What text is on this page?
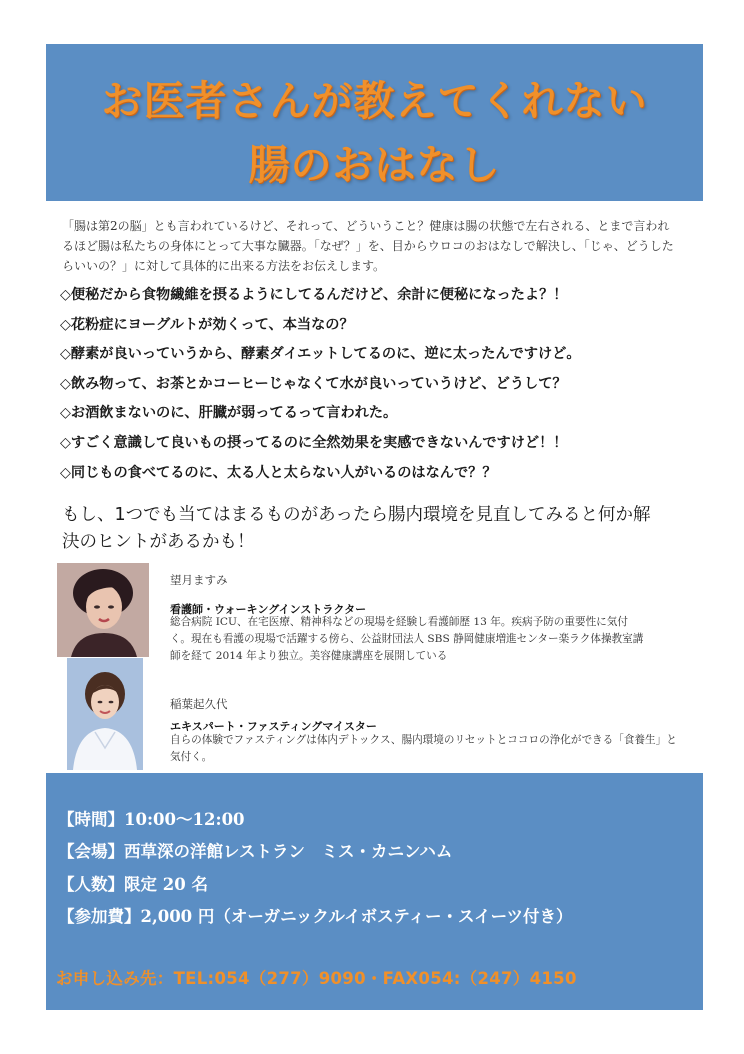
お医者さんが教えてくれない
腸のおはなし
「腸は第2の脳」とも言われているけど、それって、どういうこと？健康は腸の状態で左右される、とまで言われ
るほど腸は私たちの身体にとって大事な臓器。「なぜ？」を、目からウロコのおはなしで解決し、「じゃ、どうした
らいいの？」に対して具体的に出来る方法をお伝えします。
◇便秘だから食物繊維を摂るようにしてるんだけど、余計に便秘になったよ？！
◇花粉症にヨーグルトが効くって、本当なの？
◇酵素が良いっていうから、酵素ダイエットしてるのに、逆に太ったんですけど。
◇飲み物って、お茶とかコーヒーじゃなくて水が良いっていうけど、どうして？
◇お酒飲まないのに、肝臓が弱ってるって言われた。
◇すごく意識して良いもの摂ってるのに全然効果を実感できないんですけど！！
◇同じもの食べてるのに、太る人と太らない人がいるのはなんで？？
もし、1つでも当てはまるものがあったら腸内環境を見直してみると何か解
決のヒントがあるかも！
望月ますみ
看護師・ウォーキングインストラクター
総合病院 ICU、在宅医療、精神科などの現場を経験し看護師歴 13 年。疾病予防の重要性に気付
く。現在も看護の現場で活躍する傍ら、公益財団法人 SBS 静岡健康増進センター楽ラク体操教室講
師を経て 2014 年より独立。美容健康講座を展開している
稲葉起久代
エキスパート・ファスティングマイスター
自らの体験でファスティングは体内デトックス、腸内環境のリセットとココロの浄化ができる「食養生」と
気付く。
【時間】10:00～12:00
【会場】西草深の洋館レストラン　ミス・カニンハム
【人数】限定 20 名
【参加費】2,000 円（オーガニックルイボスティー・スイーツ付き）
お申し込み先：TEL:054（277）9090・FAX054:（247）4150
